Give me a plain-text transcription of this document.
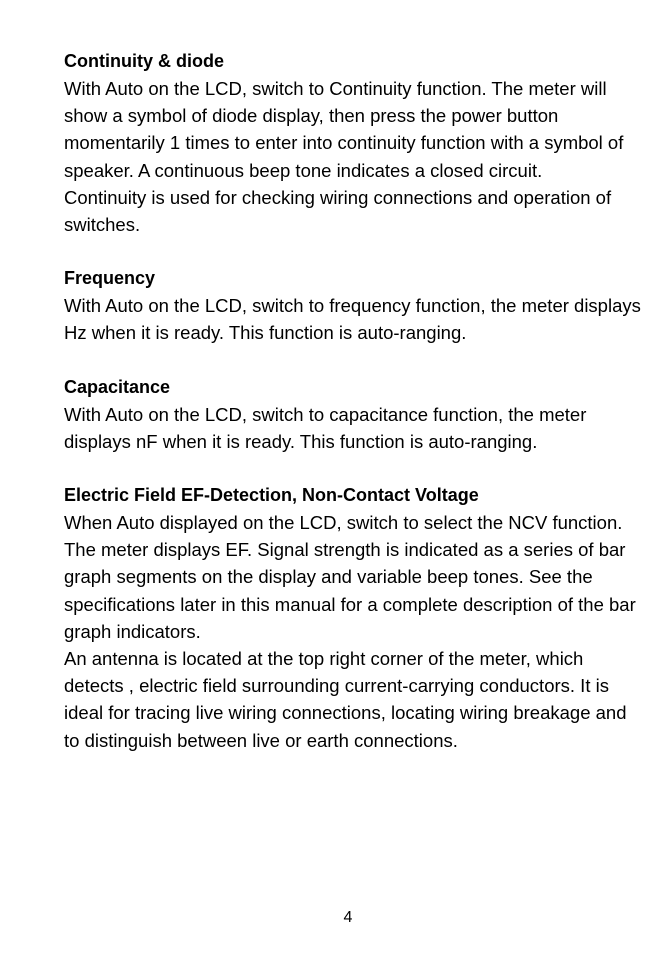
Continuity & diode

With Auto on the LCD, switch to Continuity function. The meter will show a symbol of diode display, then press the power button momentarily 1 times to enter into continuity function with a symbol of speaker. A continuous beep tone indicates a closed circuit.

Continuity is used for checking wiring connections and operation of switches.

Frequency

With Auto on the LCD, switch to frequency function, the meter displays Hz when it is ready. This function is auto-ranging.

Capacitance

With Auto on the LCD, switch to capacitance function, the meter displays nF when it is ready. This function is auto-ranging.

Electric Field EF-Detection, Non-Contact Voltage

When Auto displayed on the LCD, switch to select the NCV function. The meter displays EF. Signal strength is indicated as a series of bar graph segments on the display and variable beep tones. See the specifications later in this manual for a complete description of the bar graph indicators.

An antenna is located at the top right corner of the meter, which detects , electric field surrounding current-carrying conductors. It is ideal for tracing live wiring connections, locating wiring breakage and to distinguish between live or earth connections.

4
